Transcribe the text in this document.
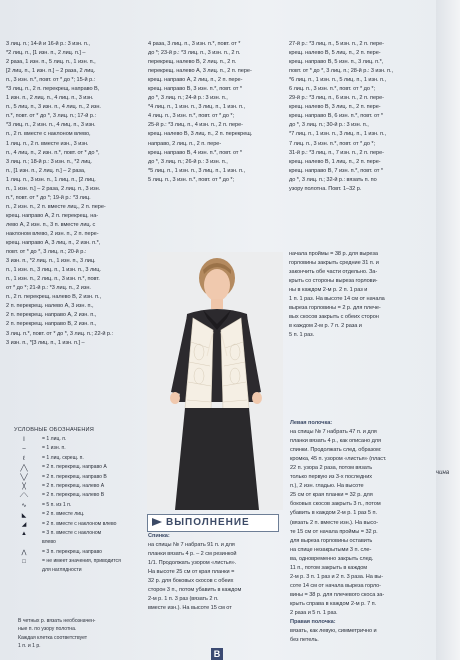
3 лиц. п.; 14-й и 16-й р.: 3 изн. п.,

*2 лиц. п., [1 изн. п., 2 лиц. п.] –

2 раза, 1 изн. п., 5 лиц. п., 1 изн. п.,

[2 лиц. п., 1 изн. п.] – 2 раза, 2 лиц.

п., 3 изн. п.*, повт. от * до *; 15-й р.:

*3 лиц. п., 2 п. перекрещ. направо B,

1 изн. п., 2 лиц. п., 4 лиц. п., 3 изн.

п., 5 лиц. п., 3 изн. п., 4 лиц. п., 2 изн.

п.*, повт. от * до *, 3 лиц. п.; 17-й р.:

*3 лиц. п., 2 изн. п., 4 лиц. п., 3 изн.

п., 2 п. вместе с наклоном влево,

1 лиц. п., 2 п. вместе изн., 3 изн.

п., 4 лиц. п., 2 изн. п.*, повт. от * до *,

3 лиц. п.; 18-й р.: 3 изн. п., *2 лиц.

п., [1 изн. п., 2 лиц. п.] – 2 раза,

1 лиц. п., 3 изн. п., 1 лиц. п., [2 лиц.

п., 1 изн. п.] – 2 раза, 2 лиц. п., 3 изн.

п.*, повт. от * до *; 19-й р.: *3 лиц.

п., 2 изн. п., 2 п. вместе лиц., 2 п. пере-

крещ. направо A, 2 п. перекрещ. на-

лево A, 2 изн. п., 3 п. вместе лиц. с

наклоном влево, 2 изн. п., 2 п. пере-

крещ. направо A, 3 лиц. п., 2 изн. п.*,

повт. от * до *, 3 лиц. п.; 20-й р.:

3 изн. п., *2 лиц. п., 1 изн. п., 3 лиц.

п., 1 изн. п., 3 лиц. п., 1 изн. п., 3 лиц.

п., 1 изн. п., 2 лиц. п., 3 изн. п.*, повт.

от * до *; 21-й р.: *3 лиц. п., 2 изн.

п., 2 п. перекрещ. налево B, 2 изн. п.,

2 п. перекрещ. налево A, 3 изн. п.,

2 п. перекрещ. направо A, 2 изн. п.,

2 п. перекрещ. направо B, 2 изн. п.,

3 лиц. п.*, повт. от * до *, 3 лиц. п.; 22-й р.:

3 изн. п., *[3 лиц. п., 1 изн. п.] –

4 раза, 3 лиц. п., 3 изн. п.*, повт. от *

до *; 23-й р.: *3 лиц. п., 3 изн. п., 2 п.

перекрещ. налево B, 2 лиц. п., 2 п.

перекрещ. налево A, 3 лиц. п., 2 п. пере-

крещ. направо A, 2 лиц. п., 2 п. пере-

крещ. направо B, 3 изн. п.*, повт. от *

до *, 3 лиц. п.; 24-й р.: 3 изн. п.,

*4 лиц. п., 1 изн. п., 3 лиц. п., 1 изн. п.,

4 лиц. п., 3 изн. п.*, повт. от * до *;

25-й р.: *3 лиц. п., 4 изн. п., 2 п. пере-

крещ. налево B, 3 лиц. п., 2 п. перекрещ.

направо, 2 лиц. п., 2 п. пере-

крещ. направо B, 4 изн. п.*, повт. от *

до *, 3 лиц. п.; 26-й р.: 3 изн. п.,

*5 лиц. п., 1 изн. п., 3 лиц. п., 1 изн. п.,

5 лиц. п., 3 изн. п.*, повт. от * до *;

27-й р.: *3 лиц. п., 5 изн. п., 2 п. пере-

крещ. налево B, 5 лиц. п., 2 п. пере-

крещ. направо B, 5 изн. п., 3 лиц. п.*,

повт. от * до *, 3 лиц. п.; 28-й р.: 3 изн. п.,

*6 лиц. п., 1 изн. п., 5 лиц. п., 1 изн. п.,

6 лиц. п., 3 изн. п.*, повт. от * до *;

29-й р.: *3 лиц. п., 6 изн. п., 2 п. пере-

крещ. налево B, 3 лиц. п., 2 п. пере-

крещ. направо B, 6 изн. п.*, повт. от *

до *, 3 лиц. п.; 30-й р.: 3 изн. п.,

*7 лиц. п., 1 изн. п., 3 лиц. п., 1 изн. п.,

7 лиц. п., 3 изн. п.*, повт. от * до *;

31-й р.: *3 лиц. п., 7 изн. п., 2 п. пере-

крещ. налево B, 1 лиц. п., 2 п. пере-

крещ. направо B, 7 изн. п.*, повт. от *

до *, 3 лиц. п.; 32-й р.: вязать п. по

узору полотна. Повт. 1–32 р.

начала проймы = 38 р. для выреза

горловины закрыть средние 31 п. и

закончить обе части отдельно. За-

крыть со стороны выреза горлови-

ны в каждом 2-м р. 2 п. 1 раз и

1 п. 1 раз. На высоте 14 см от начала

выреза горловины = 2 р. для плече-

вых скосов закрыть с обеих сторон

в каждом 2-м р. 7 п. 2 раза и

5 п. 1 раз.

Левая полочка:

на спицы № 7 набрать 47 п. и для

планки вязать 4 р., как описано для

спинки. Продолжать след. образом:

кромка, 45 п. узором «листья» (пласт.

22 п. узора 2 раза, потом вязать

только первую из 3-х последних

п.), 2 изн. гладью. На высоте

25 см от края планки = 32 р. для

боковых скосов закрыть 3 п., потом

убавить в каждом 2-м р. 1 раз 5 п.

(вязать 2 п. вместе изн.). На высо-

те 15 см от начала проймы = 32 р.

для выреза горловины оставить

на спице незакрытыми 3 п. сле-

ва, одновременно закрыть след.

11 п., потом закрыть в каждом

2-м р. 3 п. 1 раз и 2 п. 3 раза. На вы-

соте 14 см от начала выреза горло-

вины = 38 р. для плечевого скоса за-

крыть справа в каждом 2-м р. 7 п.

2 раза и 5 п. 1 раз.

Правая полочка:

вязать, как левую, симметрично и

без петель.

Спинка:

на спицы № 7 набрать 91 п. и для

планки вязать 4 р. – 2 см резинкой

1/1. Продолжать узором «листья».

На высоте 25 см от края планки =

32 р. для боковых скосов с обеих

сторон 3 п., потом убавить в каждом

2-м р. 1 п. 3 раз (вязать 2 п.

вместе изн.). На высоте 15 см от

ВЫПОЛНЕНИЕ
УСЛОВНЫЕ ОБОЗНАЧЕНИЯ
I	= 1 лиц. п.
–	= 1 изн. п.
ℓ	= 1 лиц. скрещ. п.
╱╲	= 2 п. перекрещ. направо A
╲╱	= 2 п. перекрещ. направо B
╳	= 2 п. перекрещ. налево A
⟋⟍	= 2 п. перекрещ. налево B
∿	= 5 п. из 1 п.
◣	= 2 п. вместе лиц.
◢	= 2 п. вместе с наклоном влево
▲	= 3 п. вместе с наклоном
влево
⋀	= 3 п. перекрещ. направо
□	= не имеет значения, приводится
для наглядности
В четных р. вязать необозначен-
ные п. по узору полотна.
Каждая клетка соответствует
1 п. и 1 р.
чина
B
